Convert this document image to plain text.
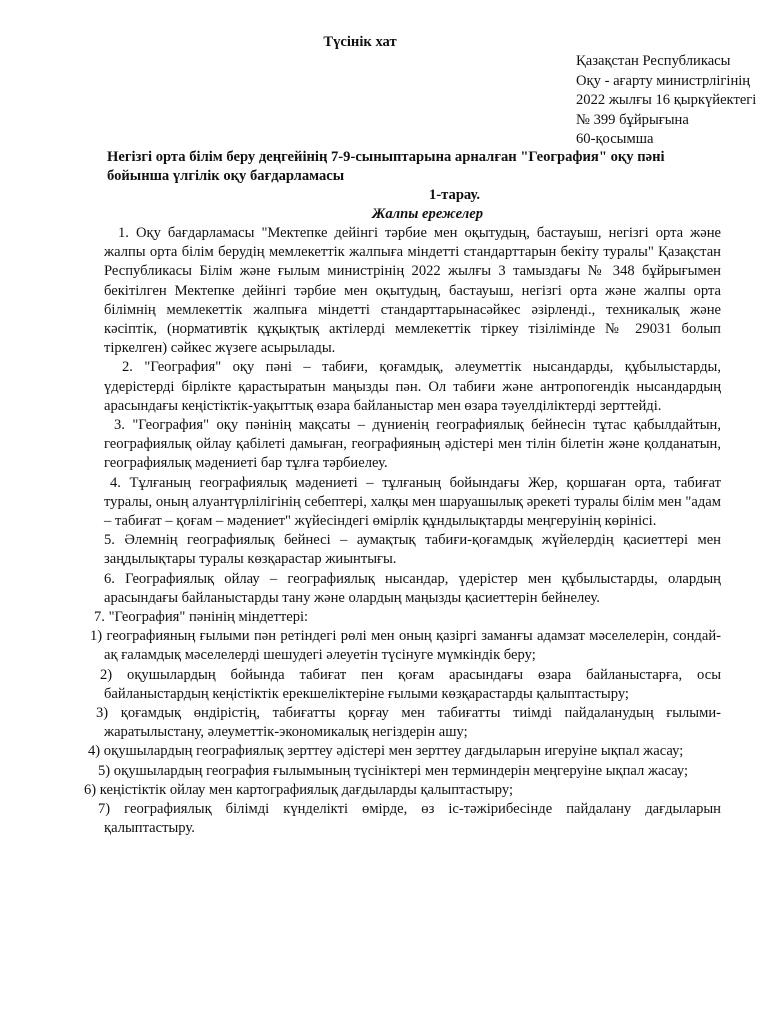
Түсінік хат
Қазақстан Республикасы
Оқу - ағарту министрлігінің
2022 жылғы 16 қыркүйектегі
№ 399 бұйрығына
60-қосымша

Негізгі орта білім беру деңгейінің 7-9-сыныптарына арналған "География" оқу пәні бойынша үлгілік оқу бағдарламасы

1-тарау.

Жалпы ережелер

1. Оқу бағдарламасы "Мектепке дейінгі тәрбие мен оқытудың, бастауыш, негізгі орта және жалпы орта білім берудің мемлекеттік жалпыға міндетті стандарттарын бекіту туралы" Қазақстан Республикасы Білім және ғылым министрінің 2022 жылғы 3 тамыздағы № 348 бұйрығымен бекітілген Мектепке дейінгі тәрбие мен оқытудың, бастауыш, негізгі орта және жалпы орта білімнің мемлекеттік жалпыға міндетті стандарттарынасәйкес әзірленді., техникалық және кәсіптік, (нормативтік құқықтық актілерді мемлекеттік тіркеу тізілімінде № 29031 болып тіркелген) сәйкес жүзеге асырылады.

2. "География" оқу пәні – табиғи, қоғамдық, әлеуметтік нысандарды, құбылыстарды, үдерістерді бірлікте қарастыратын маңызды пән. Ол табиғи және антропогендік нысандардың арасындағы кеңістіктік-уақыттық өзара байланыстар мен өзара тәуелділіктерді зерттейді.

3. "География" оқу пәнінің мақсаты – дүниенің географиялық бейнесін тұтас қабылдайтын, географиялық ойлау қабілеті дамыған, географияның әдістері мен тілін білетін және қолданатын, географиялық мәдениеті бар тұлға тәрбиелеу.

4. Тұлғаның географиялық мәдениеті – тұлғаның бойындағы Жер, қоршаған орта, табиғат туралы, оның алуантүрлілігінің себептері, халқы мен шаруашылық әрекеті туралы білім мен "адам – табиғат – қоғам – мәдениет" жүйесіндегі өмірлік құндылықтарды меңгеруінің көрінісі.

5. Әлемнің географиялық бейнесі – аумақтық табиғи-қоғамдық жүйелердің қасиеттері мен заңдылықтары туралы көзқарастар жиынтығы.

6. Географиялық ойлау – географиялық нысандар, үдерістер мен құбылыстарды, олардың арасындағы байланыстарды тану және олардың маңызды қасиеттерін бейнелеу.

7. "География" пәнінің міндеттері:

1) географияның ғылыми пән ретіндегі рөлі мен оның қазіргі заманғы адамзат мәселелерін, сондай-ақ ғаламдық мәселелерді шешудегі әлеуетін түсінуге мүмкіндік беру;

2) оқушылардың бойында табиғат пен қоғам арасындағы өзара байланыстарға, осы байланыстардың кеңістіктік ерекшеліктеріне ғылыми көзқарастарды қалыптастыру;

3) қоғамдық өндірістің, табиғатты қорғау мен табиғатты тиімді пайдаланудың ғылыми-жаратылыстану, әлеуметтік-экономикалық негіздерін ашу;

4) оқушылардың географиялық зерттеу әдістері мен зерттеу дағдыларын игеруіне ықпал жасау;

5) оқушылардың география ғылымының түсініктері мен терминдерін меңгеруіне ықпал жасау;

6) кеңістіктік ойлау мен картографиялық дағдыларды қалыптастыру;

7) географиялық білімді күнделікті өмірде, өз іс-тәжірибесінде пайдалану дағдыларын қалыптастыру.
